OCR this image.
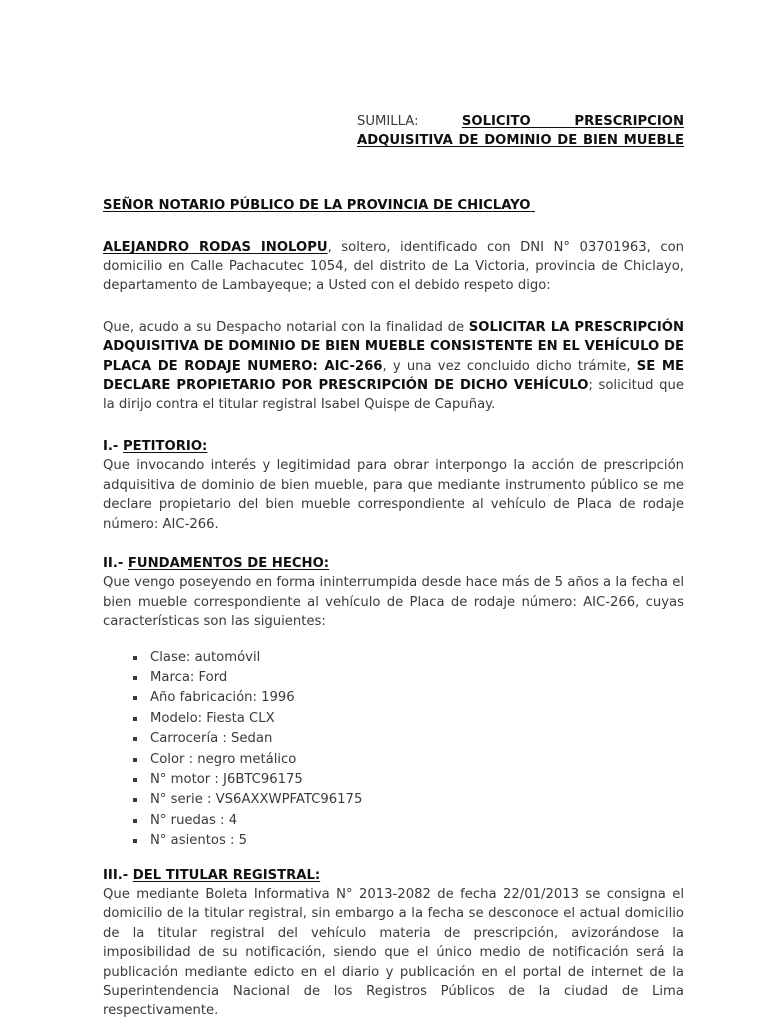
SUMILLA:	SOLICITO PRESCRIPCION ADQUISITIVA DE DOMINIO DE BIEN MUEBLE
SEÑOR NOTARIO PÚBLICO DE LA PROVINCIA DE CHICLAYO

ALEJANDRO RODAS INOLOPU, soltero, identificado con DNI N° 03701963, con domicilio en Calle Pachacutec 1054, del distrito de La Victoria, provincia de Chiclayo, departamento de Lambayeque; a Usted con el debido respeto digo:

Que, acudo a su Despacho notarial con la finalidad de SOLICITAR LA PRESCRIPCIÓN ADQUISITIVA DE DOMINIO DE BIEN MUEBLE CONSISTENTE EN EL VEHÍCULO DE PLACA DE RODAJE NUMERO: AIC-266, y una vez concluido dicho trámite, SE ME DECLARE PROPIETARIO POR PRESCRIPCIÓN DE DICHO VEHÍCULO; solicitud que la dirijo contra el titular registral Isabel Quispe de Capuñay.

I.- PETITORIO:

Que invocando interés y legitimidad para obrar interpongo la acción de prescripción adquisitiva de dominio de bien mueble, para que mediante instrumento público se me declare propietario del bien mueble correspondiente al vehículo de Placa de rodaje número: AIC-266.

II.- FUNDAMENTOS DE HECHO:

Que vengo poseyendo en forma ininterrumpida desde hace más de 5 años a la fecha el bien mueble correspondiente al vehículo de Placa de rodaje número: AIC-266, cuyas características son las siguientes:

Clase: automóvil
Marca: Ford
Año fabricación: 1996
Modelo: Fiesta CLX
Carrocería : Sedan
Color : negro metálico
N° motor : J6BTC96175
N° serie : VS6AXXWPFATC96175
N° ruedas : 4
N° asientos : 5
III.- DEL TITULAR REGISTRAL:

Que mediante Boleta Informativa N° 2013-2082 de fecha 22/01/2013 se consigna el domicilio de la titular registral, sin embargo a la fecha se desconoce el actual domicilio de la titular registral del vehículo materia de prescripción, avizorándose la imposibilidad de su notificación, siendo que el único medio de notificación será la publicación mediante edicto en el diario y publicación en el portal de internet de la Superintendencia Nacional de los Registros Públicos de la ciudad de Lima respectivamente.
